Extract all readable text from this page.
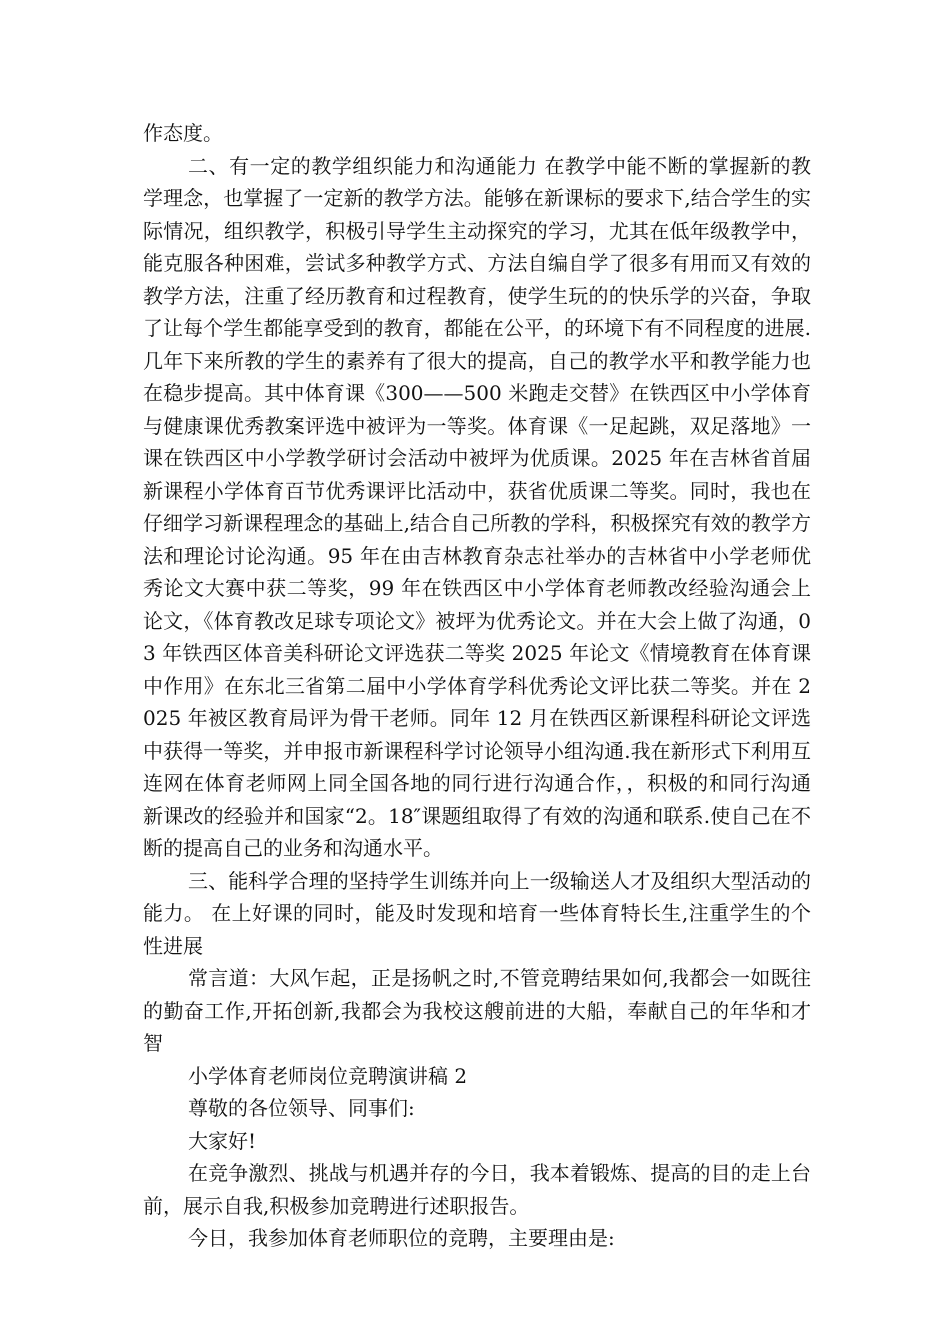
作态度。

二、有一定的教学组织能力和沟通能力 在教学中能不断的掌握新的教学理念，也掌握了一定新的教学方法。能够在新课标的要求下,结合学生的实际情况，组织教学，积极引导学生主动探究的学习，尤其在低年级教学中，能克服各种困难，尝试多种教学方式、方法自编自学了很多有用而又有效的教学方法，注重了经历教育和过程教育，使学生玩的的快乐学的兴奋，争取了让每个学生都能享受到的教育，都能在公平，的环境下有不同程度的进展.几年下来所教的学生的素养有了很大的提高，自己的教学水平和教学能力也在稳步提高。其中体育课《300——500 米跑走交替》在铁西区中小学体育与健康课优秀教案评选中被评为一等奖。体育课《一足起跳，双足落地》一课在铁西区中小学教学研讨会活动中被坪为优质课。2025 年在吉林省首届新课程小学体育百节优秀课评比活动中，获省优质课二等奖。同时，我也在仔细学习新课程理念的基础上,结合自己所教的学科，积极探究有效的教学方法和理论讨论沟通。95 年在由吉林教育杂志社举办的吉林省中小学老师优秀论文大赛中获二等奖，99 年在铁西区中小学体育老师教改经验沟通会上论文，《体育教改足球专项论文》被坪为优秀论文。并在大会上做了沟通，03 年铁西区体音美科研论文评选获二等奖 2025 年论文《情境教育在体育课中作用》在东北三省第二届中小学体育学科优秀论文评比获二等奖。并在 2025 年被区教育局评为骨干老师。同年 12 月在铁西区新课程科研论文评选中获得一等奖，并申报市新课程科学讨论领导小组沟通.我在新形式下利用互连网在体育老师网上同全国各地的同行进行沟通合作，，积极的和同行沟通新课改的经验并和国家“2。18″课题组取得了有效的沟通和联系.使自己在不断的提高自己的业务和沟通水平。

三、能科学合理的坚持学生训练并向上一级输送人才及组织大型活动的能力。 在上好课的同时，能及时发现和培育一些体育特长生,注重学生的个性进展

常言道：大风乍起，正是扬帆之时,不管竞聘结果如何,我都会一如既往的勤奋工作,开拓创新,我都会为我校这艘前进的大船，奉献自己的年华和才智

小学体育老师岗位竞聘演讲稿 2

尊敬的各位领导、同事们:

大家好!

在竞争激烈、挑战与机遇并存的今日，我本着锻炼、提高的目的走上台前，展示自我,积极参加竞聘进行述职报告。

今日，我参加体育老师职位的竞聘，主要理由是:
